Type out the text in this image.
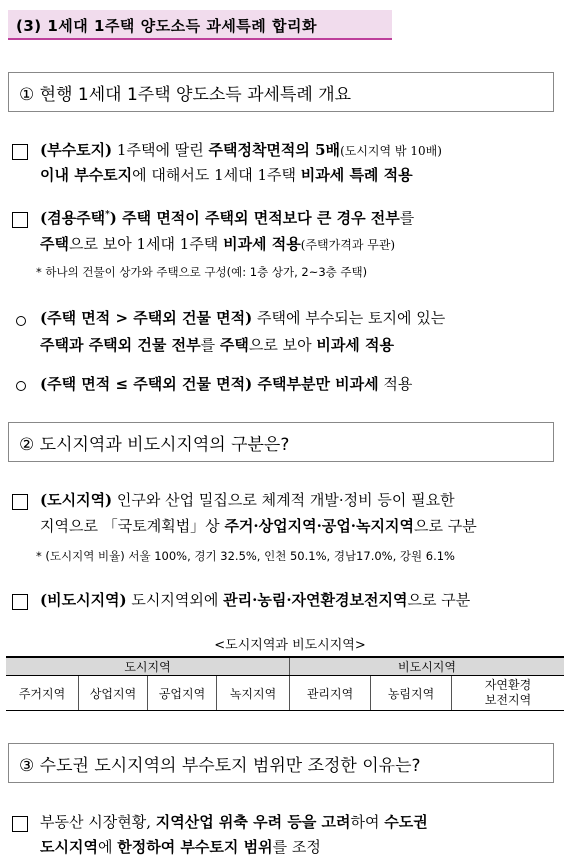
(3) 1세대 1주택 양도소득 과세특례 합리화
① 현행 1세대 1주택 양도소득 과세특례 개요
(부수토지) 1주택에 딸린 주택정착면적의 5배(도시지역 밖 10배)
이내 부수토지에 대해서도 1세대 1주택 비과세 특례 적용
(겸용주택*) 주택 면적이 주택외 면적보다 큰 경우 전부를
주택으로 보아 1세대 1주택 비과세 적용(주택가격과 무관)
* 하나의 건물이 상가와 주택으로 구성(예: 1층 상가, 2~3층 주택)
(주택 면적 > 주택외 건물 면적) 주택에 부수되는 토지에 있는
주택과 주택외 건물 전부를 주택으로 보아 비과세 적용
(주택 면적 ≤ 주택외 건물 면적) 주택부분만 비과세 적용
② 도시지역과 비도시지역의 구분은?
(도시지역) 인구와 산업 밀집으로 체계적 개발·정비 등이 필요한
지역으로 「국토계획법」상 주거·상업지역·공업·녹지지역으로 구분
* (도시지역 비율) 서울 100%, 경기 32.5%, 인천 50.1%, 경남17.0%, 강원 6.1%
(비도시지역) 도시지역외에 관리·농림·자연환경보전지역으로 구분
<도시지역과 비도시지역>
도시지역				비도시지역		
주거지역	상업지역	공업지역	녹지지역	관리지역	농림지역	자연환경
보전지역
③ 수도권 도시지역의 부수토지 범위만 조정한 이유는?
부동산 시장현황, 지역산업 위축 우려 등을 고려하여 수도권
도시지역에 한정하여 부수토지 범위를 조정
